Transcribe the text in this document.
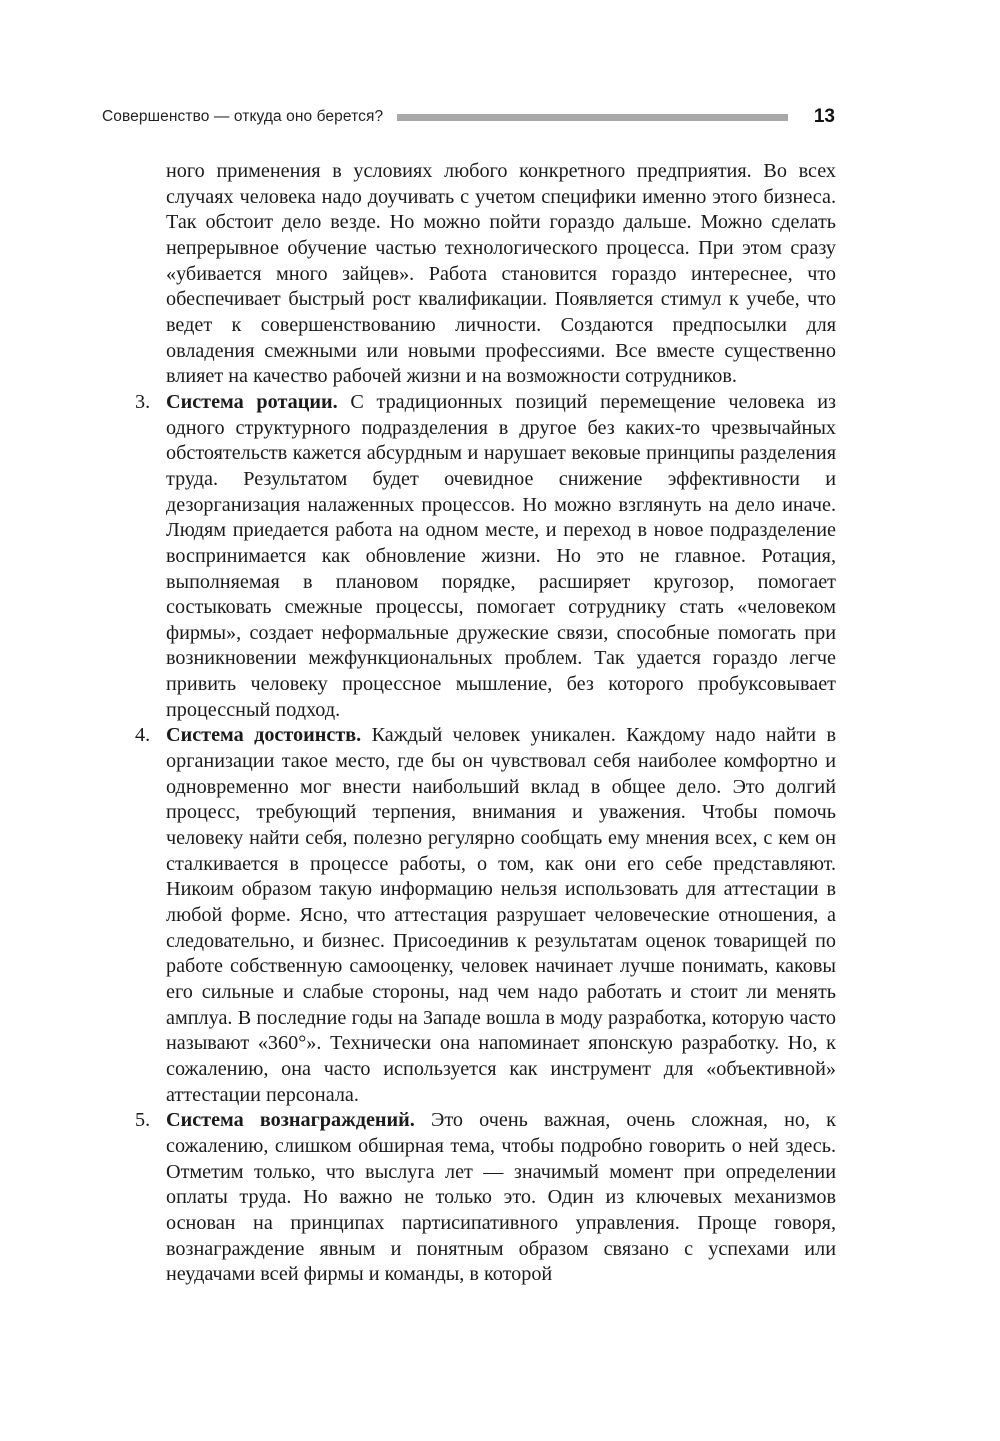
Совершенство — откуда оно берется?	13

ного применения в условиях любого конкретного предприятия. Во всех случаях человека надо доучивать с учетом специфики именно этого бизнеса. Так обстоит дело везде. Но можно пойти гораздо дальше. Можно сделать непрерывное обучение частью технологического процесса. При этом сразу «убивается много зайцев». Работа становится гораздо интереснее, что обеспечивает быстрый рост квалификации. Появляется стимул к учебе, что ведет к совершенствованию личности. Создаются предпосылки для овладения смежными или новыми профессиями. Все вместе существенно влияет на качество рабочей жизни и на возможности сотрудников.

3. Система ротации. С традиционных позиций перемещение человека из одного структурного подразделения в другое без каких-то чрезвычайных обстоятельств кажется абсурдным и нарушает вековые принципы разделения труда. Результатом будет очевидное снижение эффективности и дезорганизация налаженных процессов. Но можно взглянуть на дело иначе. Людям приедается работа на одном месте, и переход в новое подразделение воспринимается как обновление жизни. Но это не главное. Ротация, выполняемая в плановом порядке, расширяет кругозор, помогает состыковать смежные процессы, помогает сотруднику стать «человеком фирмы», создает неформальные дружеские связи, способные помогать при возникновении межфункциональных проблем. Так удается гораздо легче привить человеку процессное мышление, без которого пробуксовывает процессный подход.
4. Система достоинств. Каждый человек уникален. Каждому надо найти в организации такое место, где бы он чувствовал себя наиболее комфортно и одновременно мог внести наибольший вклад в общее дело. Это долгий процесс, требующий терпения, внимания и уважения. Чтобы помочь человеку найти себя, полезно регулярно сообщать ему мнения всех, с кем он сталкивается в процессе работы, о том, как они его себе представляют. Никоим образом такую информацию нельзя использовать для аттестации в любой форме. Ясно, что аттестация разрушает человеческие отношения, а следовательно, и бизнес. Присоединив к результатам оценок товарищей по работе собственную самооценку, человек начинает лучше понимать, каковы его сильные и слабые стороны, над чем надо работать и стоит ли менять амплуа. В последние годы на Западе вошла в моду разработка, которую часто называют «360°». Технически она напоминает японскую разработку. Но, к сожалению, она часто используется как инструмент для «объективной» аттестации персонала.
5. Система вознаграждений. Это очень важная, очень сложная, но, к сожалению, слишком обширная тема, чтобы подробно говорить о ней здесь. Отметим только, что выслуга лет — значимый момент при определении оплаты труда. Но важно не только это. Один из ключевых механизмов основан на принципах партисипативного управления. Проще говоря, вознаграждение явным и понятным образом связано с успехами или неудачами всей фирмы и команды, в которой
